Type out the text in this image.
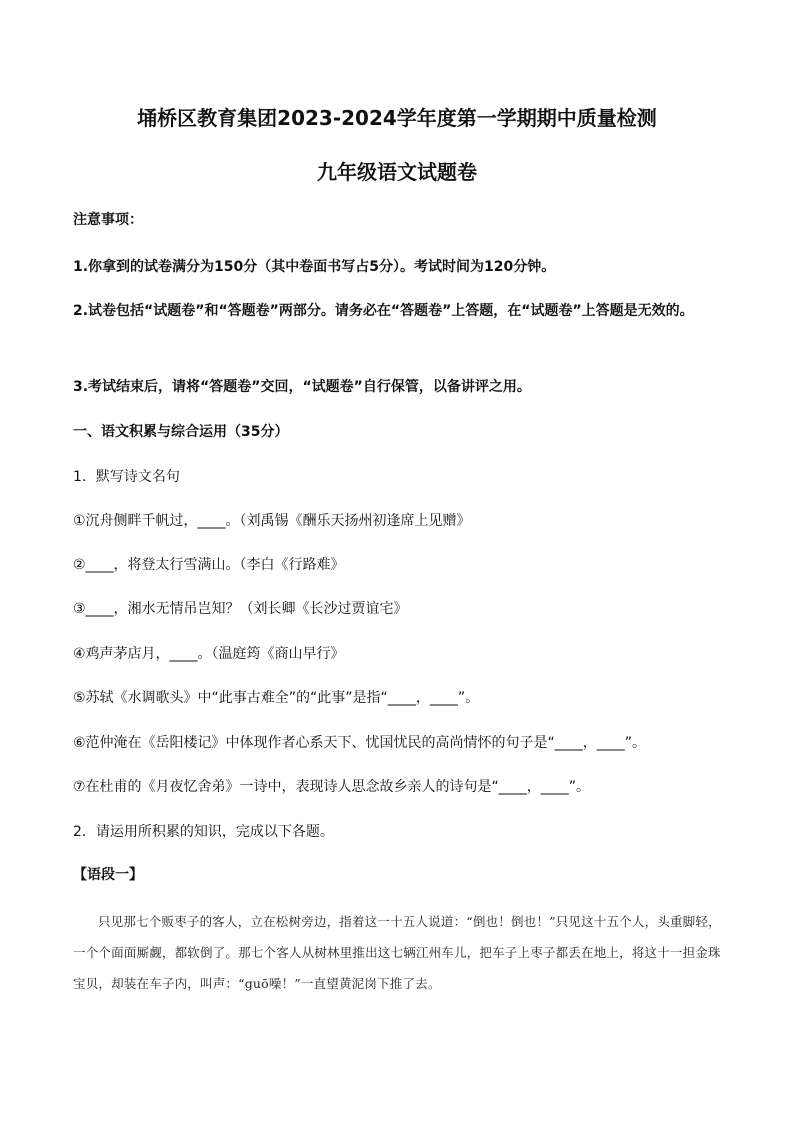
埇桥区教育集团2023-2024学年度第一学期期中质量检测
九年级语文试题卷
注意事项：
1.你拿到的试卷满分为150分（其中卷面书写占5分）。考试时间为120分钟。
2.试卷包括“试题卷”和“答题卷”两部分。请务必在“答题卷”上答题，在“试题卷”上答题是无效的。
3.考试结束后，请将“答题卷”交回，“试题卷”自行保管，以备讲评之用。
一、语文积累与综合运用（35分）
1．默写诗文名句
①沉舟侧畔千帆过，____。（刘禹锡《酬乐天扬州初逢席上见赠》
②____，将登太行雪满山。（李白《行路难》
③____，湘水无情吊岂知？（刘长卿《长沙过贾谊宅》
④鸡声茅店月，____。（温庭筠《商山早行》
⑤苏轼《水调歌头》中“此事古难全”的“此事”是指“____，____”。
⑥范仲淹在《岳阳楼记》中体现作者心系天下、忧国忧民的高尚情怀的句子是“____，____”。
⑦在杜甫的《月夜忆舍弟》一诗中，表现诗人思念故乡亲人的诗句是“____，____”。
2．请运用所积累的知识，完成以下各题。
【语段一】
只见那七个贩枣子的客人，立在松树旁边，指着这一十五人说道：“倒也！倒也！”只见这十五个人，头重脚轻，一个个面面厮觑，都软倒了。那七个客人从树林里推出这七辆江州车儿，把车子上枣子都丢在地上，将这十一担金珠宝贝，却装在车子内，叫声：“guō噪！”一直望黄泥岗下推了去。
